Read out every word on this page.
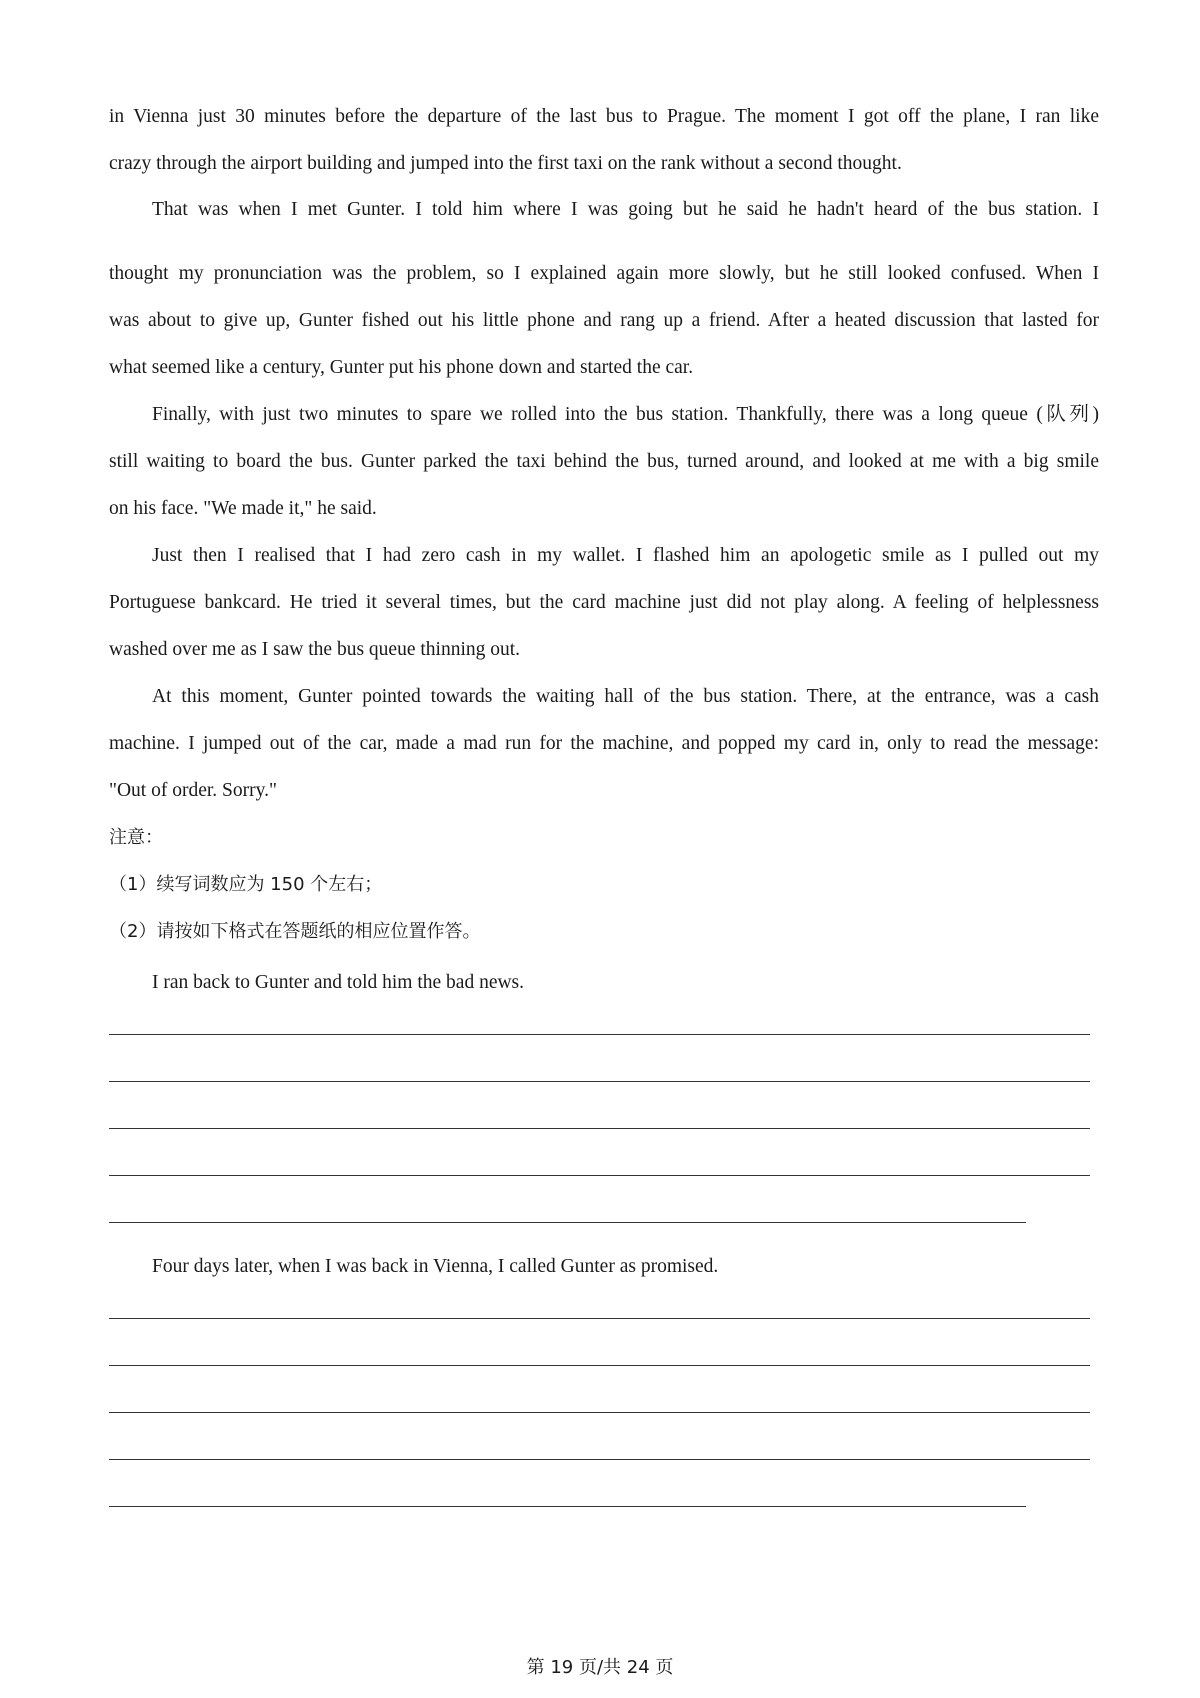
in Vienna just 30 minutes before the departure of the last bus to Prague. The moment I got off the plane, I ran like
crazy through the airport building and jumped into the first taxi on the rank without a second thought.
That was when I met Gunter. I told him where I was going but he said he hadn't heard of the bus station. I
thought my pronunciation was the problem, so I explained again more slowly, but he still looked confused. When I
was about to give up, Gunter fished out his little phone and rang up a friend. After a heated discussion that lasted for
what seemed like a century, Gunter put his phone down and started the car.
Finally, with just two minutes to spare we rolled into the bus station. Thankfully, there was a long queue (队列)
still waiting to board the bus. Gunter parked the taxi behind the bus, turned around, and looked at me with a big smile
on his face. "We made it," he said.
Just then I realised that I had zero cash in my wallet. I flashed him an apologetic smile as I pulled out my
Portuguese bankcard. He tried it several times, but the card machine just did not play along. A feeling of helplessness
washed over me as I saw the bus queue thinning out.
At this moment, Gunter pointed towards the waiting hall of the bus station. There, at the entrance, was a cash
machine. I jumped out of the car, made a mad run for the machine, and popped my card in, only to read the message:
"Out of order. Sorry."
注意：
（1）续写词数应为 150 个左右；
（2）请按如下格式在答题纸的相应位置作答。
I ran back to Gunter and told him the bad news.
Four days later, when I was back in Vienna, I called Gunter as promised.
第 19 页/共 24 页
